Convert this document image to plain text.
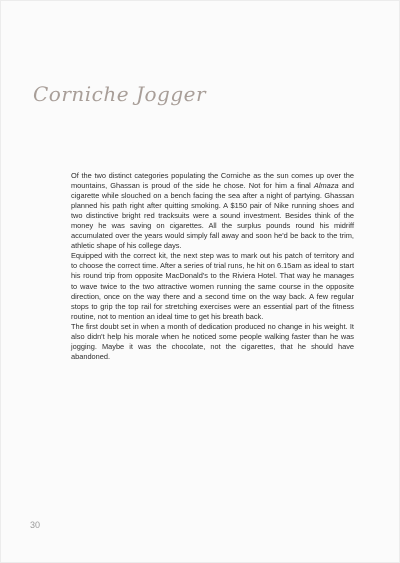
Corniche Jogger

Of the two distinct categories populating the Corniche as the sun comes up over the mountains, Ghassan is proud of the side he chose. Not for him a final Almaza and cigarette while slouched on a bench facing the sea after a night of partying. Ghassan planned his path right after quitting smoking. A $150 pair of Nike running shoes and two distinctive bright red tracksuits were a sound investment. Besides think of the money he was saving on cigarettes. All the surplus pounds round his midriff accumulated over the years would simply fall away and soon he'd be back to the trim, athletic shape of his college days.

Equipped with the correct kit, the next step was to mark out his patch of territory and to choose the correct time. After a series of trial runs, he hit on 6.15am as ideal to start his round trip from opposite MacDonald's to the Riviera Hotel. That way he manages to wave twice to the two attractive women running the same course in the opposite direction, once on the way there and a second time on the way back. A few regular stops to grip the top rail for stretching exercises were an essential part of the fitness routine, not to mention an ideal time to get his breath back.

The first doubt set in when a month of dedication produced no change in his weight. It also didn't help his morale when he noticed some people walking faster than he was jogging. Maybe it was the chocolate, not the cigarettes, that he should have abandoned.

30
